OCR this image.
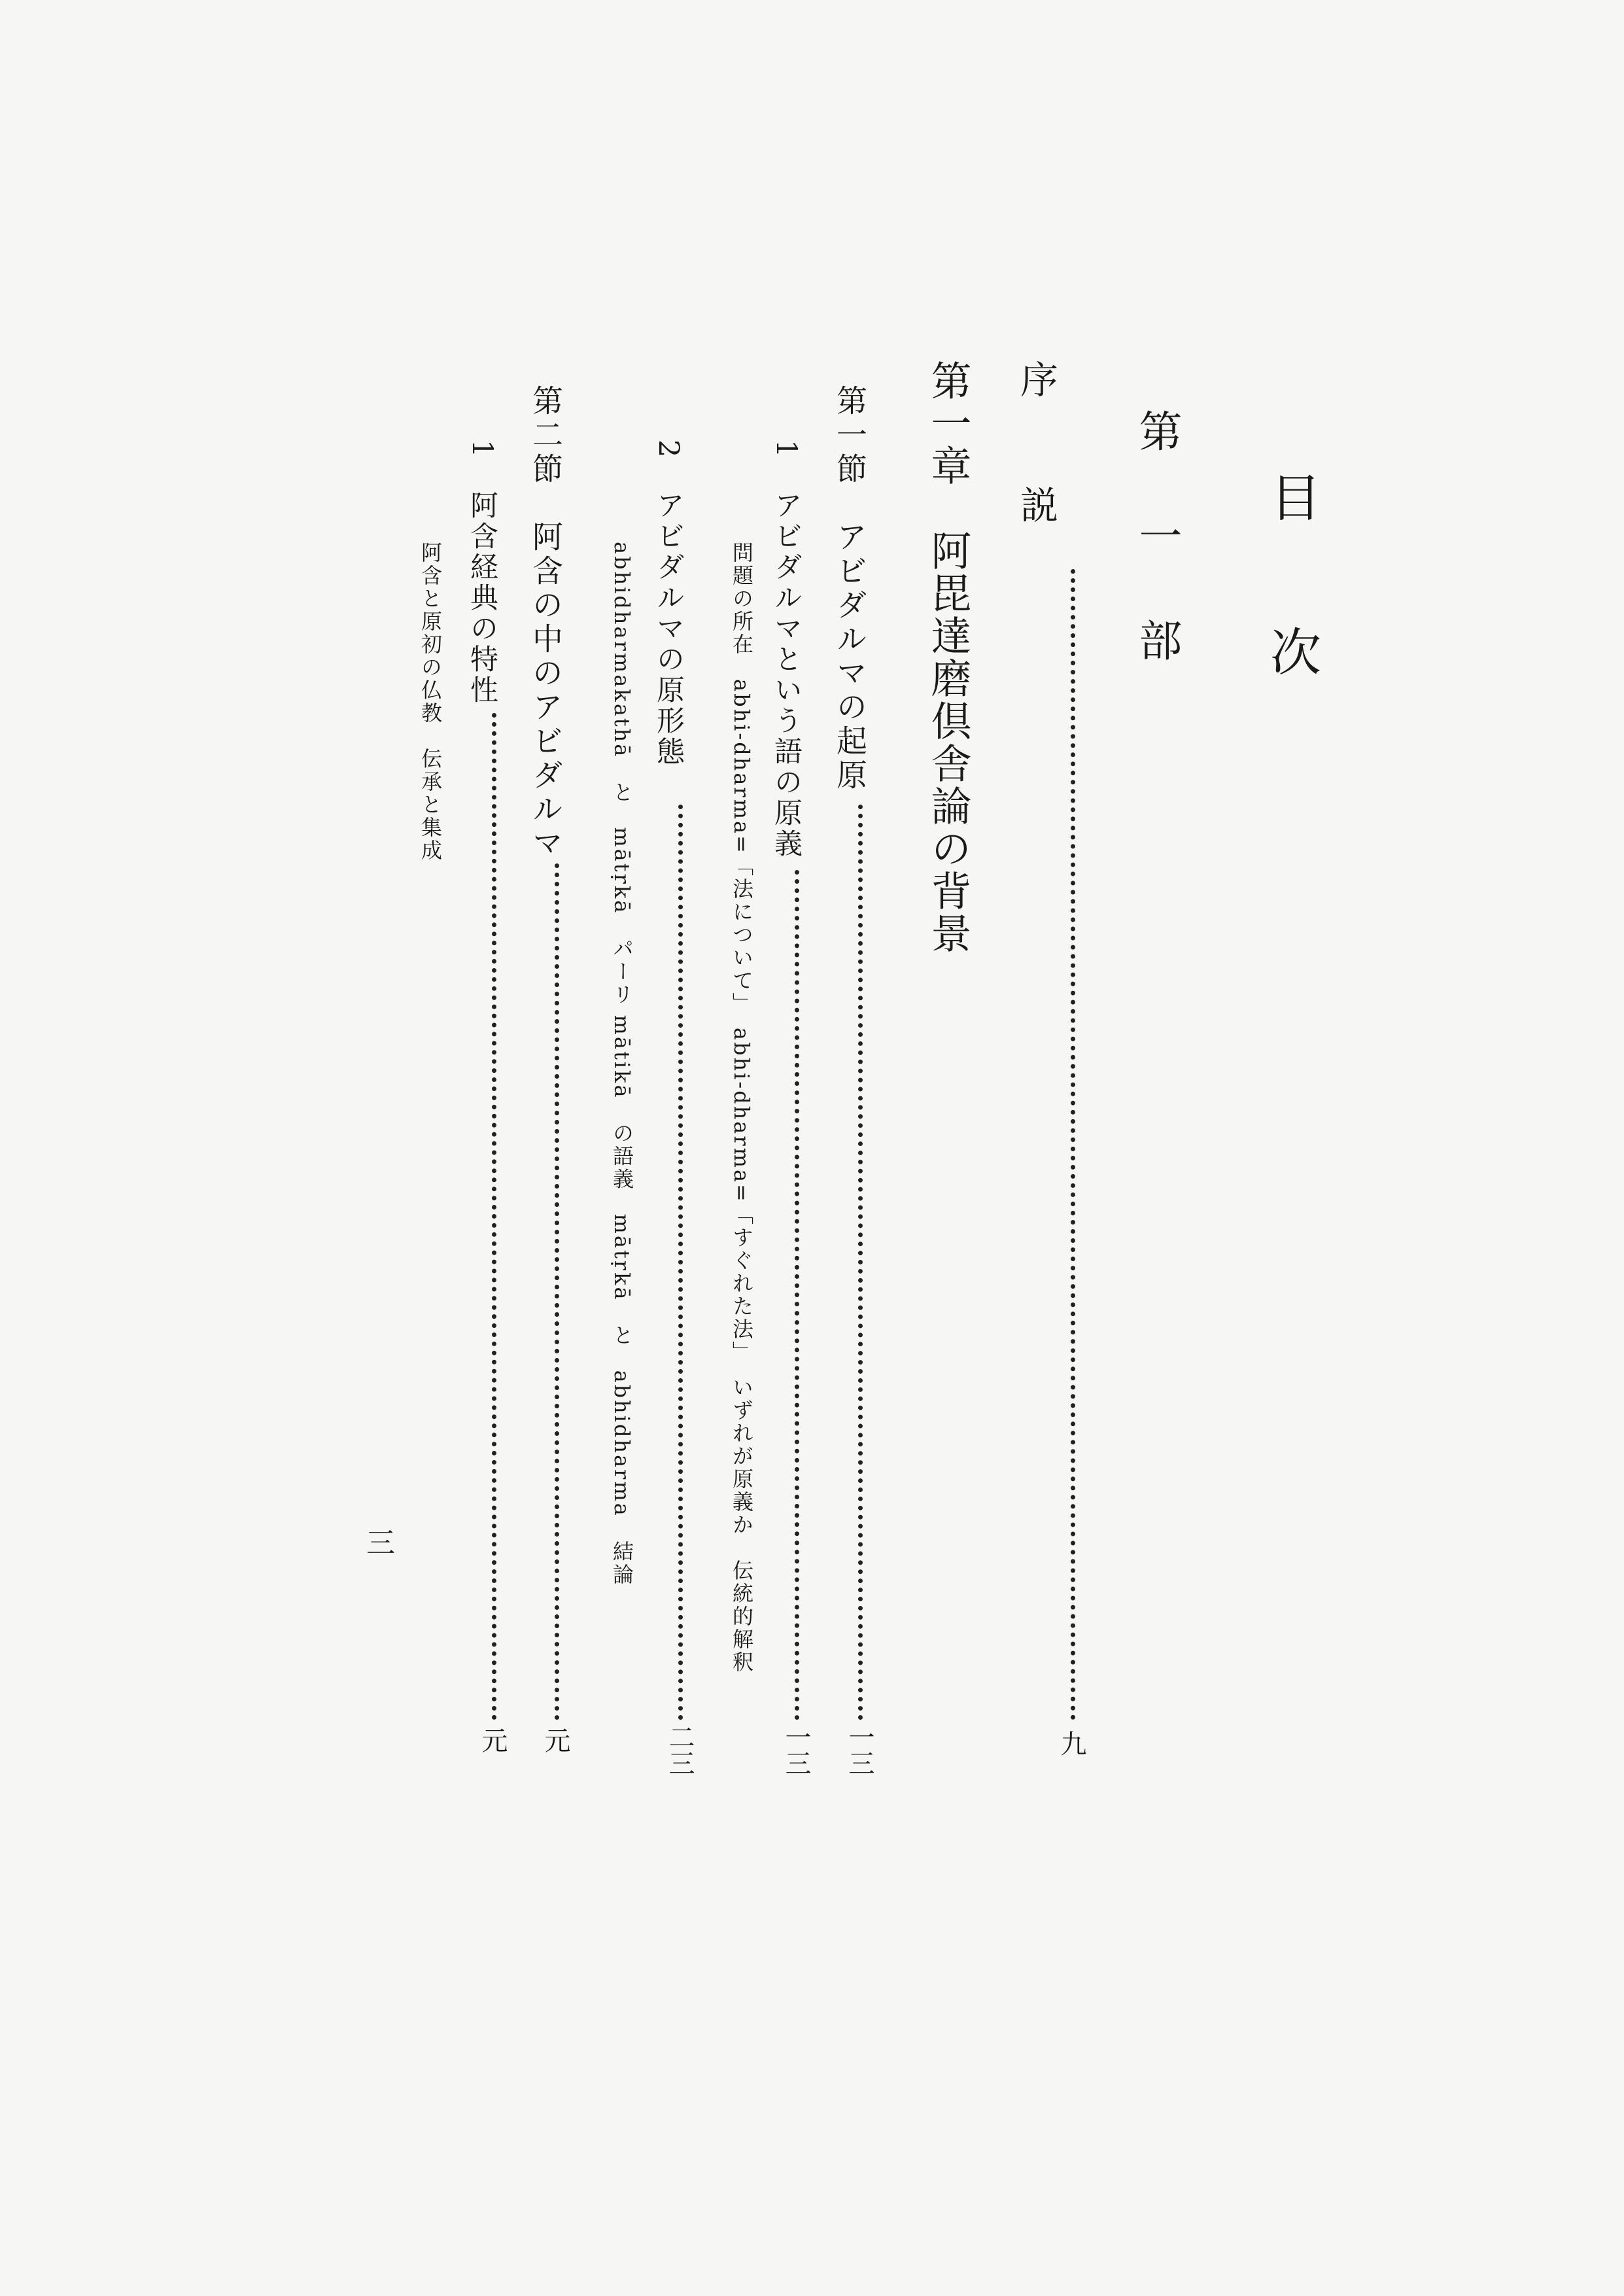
目　次
第　一　部
序　　説
九
第一章　阿毘達磨倶舎論の背景
第一節　アビダルマの起原
一三
1　アビダルマという語の原義
一三
問題の所在　abhi-dharma=「法について」　abhi-dharma=「すぐれた法」　いずれが原義か　伝統的解釈
2　アビダルマの原形態
二三
abhidharmakathā　と　mātṛkā　パーリ mātikā　の語義　mātṛkā　と　abhidharma　結論
第二節　阿含の中のアビダルマ
元
1　阿含経典の特性
元
阿含と原初の仏教　伝承と集成
三
